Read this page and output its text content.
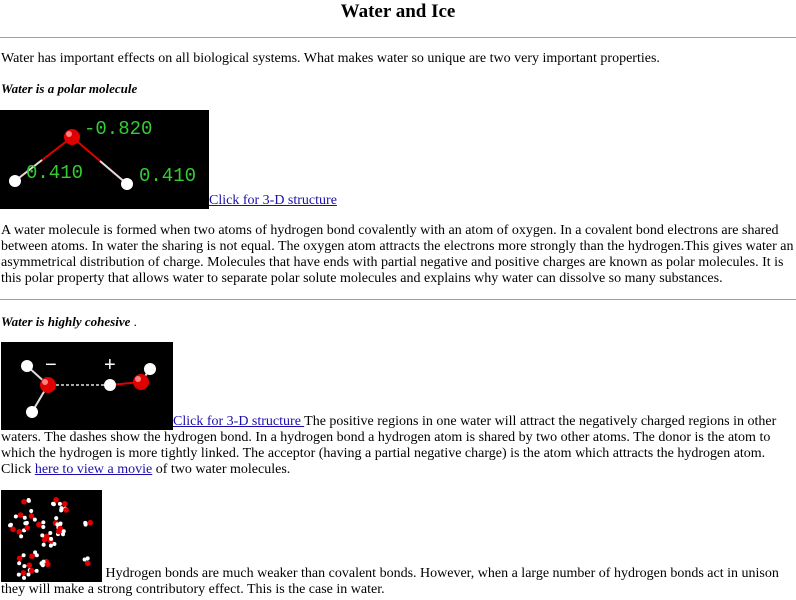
Water and Ice

Water has important effects on all biological systems. What makes water so unique are two very important properties.

Water is a polar molecule

-0.820
0.410	0.410
Click for 3-D structure

A water molecule is formed when two atoms of hydrogen bond covalently with an atom of oxygen. In a covalent bond electrons are shared between atoms. In water the sharing is not equal. The oxygen atom attracts the electrons more strongly than the hydrogen.This gives water an asymmetrical distribution of charge. Molecules that have ends with partial negative and positive charges are known as polar molecules. It is this polar property that allows water to separate polar solute molecules and explains why water can dissolve so many substances.

Water is highly cohesive .

− +
Click for 3-D structure The positive regions in one water will attract the negatively charged regions in other waters. The dashes show the hydrogen bond. In a hydrogen bond a hydrogen atom is shared by two other atoms. The donor is the atom to which the hydrogen is more tightly linked. The acceptor (having a partial negative charge) is the atom which attracts the hydrogen atom. Click here to view a movie of two water molecules.

Hydrogen bonds are much weaker than covalent bonds. However, when a large number of hydrogen bonds act in unison they will make a strong contributory effect. This is the case in water.
